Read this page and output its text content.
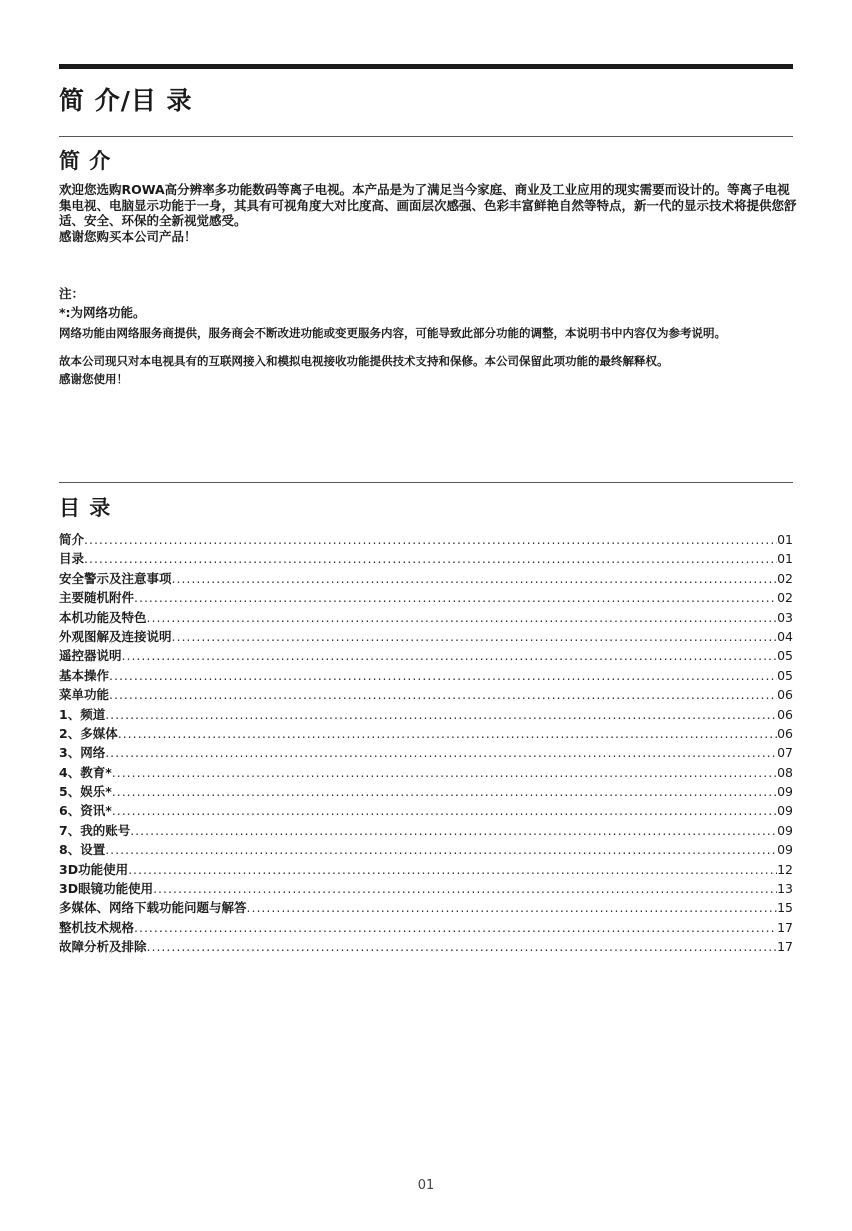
简 介/目 录
简 介

欢迎您选购ROWA高分辨率多功能数码等离子电视。本产品是为了满足当今家庭、商业及工业应用的现实需要而设计的。等离子电视集电视、电脑显示功能于一身，其具有可视角度大对比度高、画面层次感强、色彩丰富鲜艳自然等特点，新一代的显示技术将提供您舒适、安全、环保的全新视觉感受。

感谢您购买本公司产品！

注：

*:为网络功能。

网络功能由网络服务商提供，服务商会不断改进功能或变更服务内容，可能导致此部分功能的调整，本说明书中内容仅为参考说明。

故本公司现只对本电视具有的互联网接入和模拟电视接收功能提供技术支持和保修。本公司保留此项功能的最终解释权。

感谢您使用！

目 录
简介 .....	01
目录 .....	01
安全警示及注意事项 .....	02
主要随机附件 .....	02
本机功能及特色 .....	03
外观图解及连接说明 .....	04
遥控器说明 .....	05
基本操作 .....	05
菜单功能 .....	06
1、频道 .....	06
2、多媒体 .....	06
3、网络 .....	07
4、教育* .....	08
5、娱乐* .....	09
6、资讯* .....	09
7、我的账号 .....	09
8、设置 .....	09
3D功能使用 .....	12
3D眼镜功能使用 .....	13
多媒体、网络下载功能问题与解答 .....	15
整机技术规格 .....	17
故障分析及排除 .....	17
01
